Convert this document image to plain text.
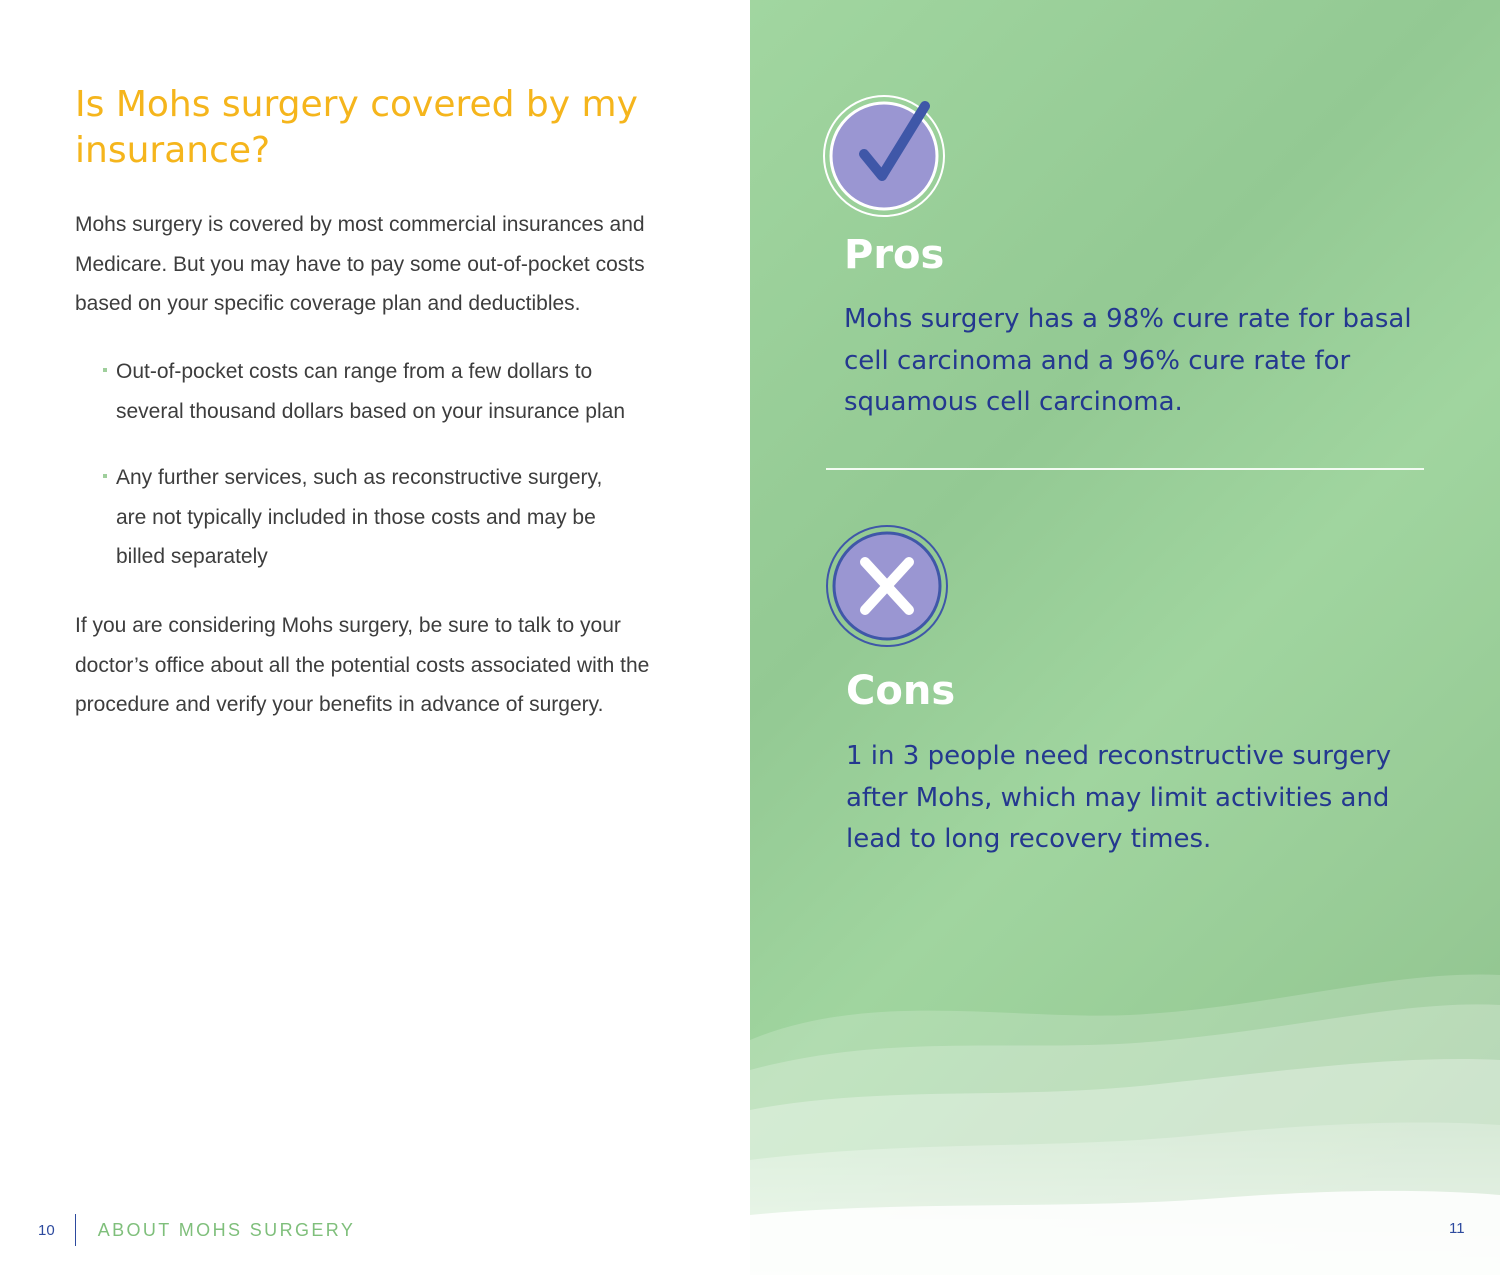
Is Mohs surgery covered by my insurance?

Mohs surgery is covered by most commercial insurances and Medicare. But you may have to pay some out-of-pocket costs based on your specific coverage plan and deductibles.

Out-of-pocket costs can range from a few dollars to several thousand dollars based on your insurance plan
Any further services, such as reconstructive surgery, are not typically included in those costs and may be billed separately

If you are considering Mohs surgery, be sure to talk to your doctor’s office about all the potential costs associated with the procedure and verify your benefits in advance of surgery.

10 ABOUT MOHS SURGERY
Pros

Mohs surgery has a 98% cure rate for basal cell carcinoma and a 96% cure rate for squamous cell carcinoma.

Cons

1 in 3 people need reconstructive surgery after Mohs, which may limit activities and lead to long recovery times.

11
